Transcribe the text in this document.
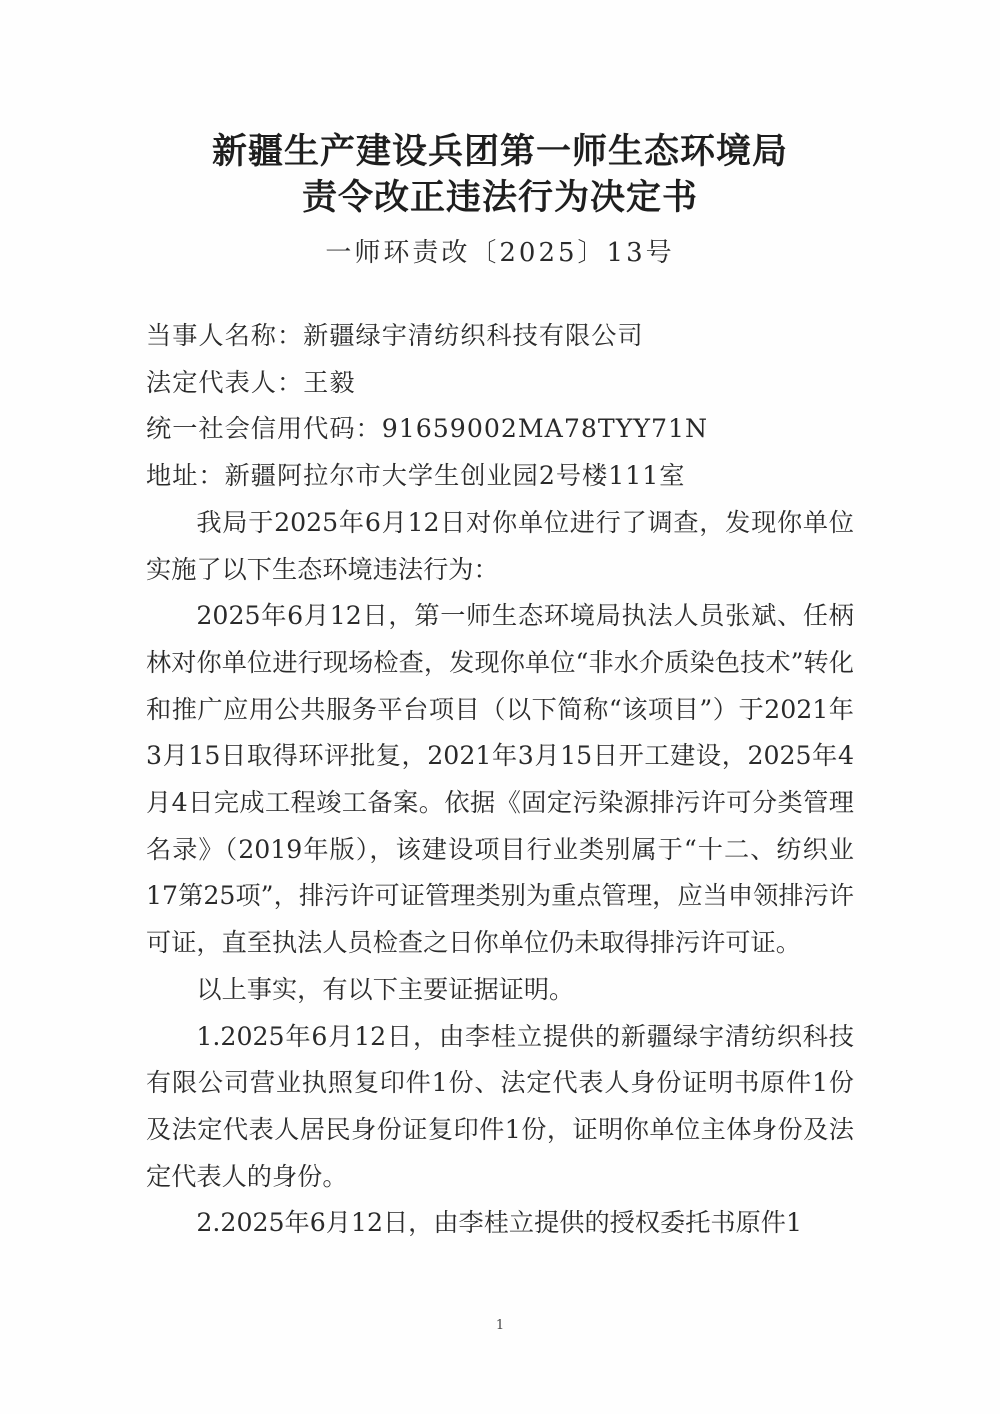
新疆生产建设兵团第一师生态环境局
责令改正违法行为决定书
一师环责改〔2025〕13号

当事人名称：新疆绿宇清纺织科技有限公司

法定代表人：王毅

统一社会信用代码：91659002MA78TYY71N

地址：新疆阿拉尔市大学生创业园2号楼111室

我局于2025年6月12日对你单位进行了调查，发现你单位实施了以下生态环境违法行为：

2025年6月12日，第一师生态环境局执法人员张斌、任柄林对你单位进行现场检查，发现你单位“非水介质染色技术”转化和推广应用公共服务平台项目（以下简称“该项目”）于2021年3月15日取得环评批复，2021年3月15日开工建设，2025年4月4日完成工程竣工备案。依据《固定污染源排污许可分类管理名录》（2019年版），该建设项目行业类别属于“十二、纺织业17第25项”，排污许可证管理类别为重点管理，应当申领排污许可证，直至执法人员检查之日你单位仍未取得排污许可证。

以上事实，有以下主要证据证明。

1.2025年6月12日，由李桂立提供的新疆绿宇清纺织科技有限公司营业执照复印件1份、法定代表人身份证明书原件1份及法定代表人居民身份证复印件1份，证明你单位主体身份及法定代表人的身份。

2.2025年6月12日，由李桂立提供的授权委托书原件1

1
